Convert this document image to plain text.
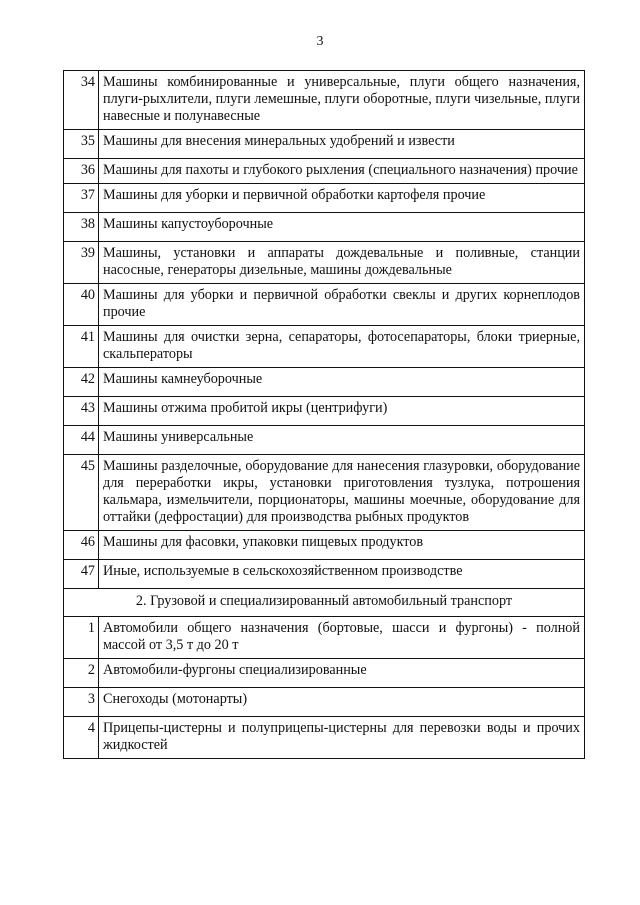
3
34	Машины комбинированные и универсальные, плуги общего назначения, плуги-рыхлители, плуги лемешные, плуги оборотные, плуги чизельные, плуги навесные и полунавесные
35	Машины для внесения минеральных удобрений и извести
36	Машины для пахоты и глубокого рыхления (специального назначения) прочие
37	Машины для уборки и первичной обработки картофеля прочие
38	Машины капустоуборочные
39	Машины, установки и аппараты дождевальные и поливные, станции насосные, генераторы дизельные, машины дождевальные
40	Машины для уборки и первичной обработки свеклы и других корнеплодов прочие
41	Машины для очистки зерна, сепараторы, фотосепараторы, блоки триерные, скальператоры
42	Машины камнеуборочные
43	Машины отжима пробитой икры (центрифуги)
44	Машины универсальные
45	Машины разделочные, оборудование для нанесения глазуровки, оборудование для переработки икры, установки приготовления тузлука, потрошения кальмара, измельчители, порционаторы, машины моечные, оборудование для оттайки (дефростации) для производства рыбных продуктов
46	Машины для фасовки, упаковки пищевых продуктов
47	Иные, используемые в сельскохозяйственном производстве
2. Грузовой и специализированный автомобильный транспорт	
1	Автомобили общего назначения (бортовые, шасси и фургоны) - полной массой от 3,5 т до 20 т
2	Автомобили-фургоны специализированные
3	Снегоходы (мотонарты)
4	Прицепы-цистерны и полуприцепы-цистерны для перевозки воды и прочих жидкостей
